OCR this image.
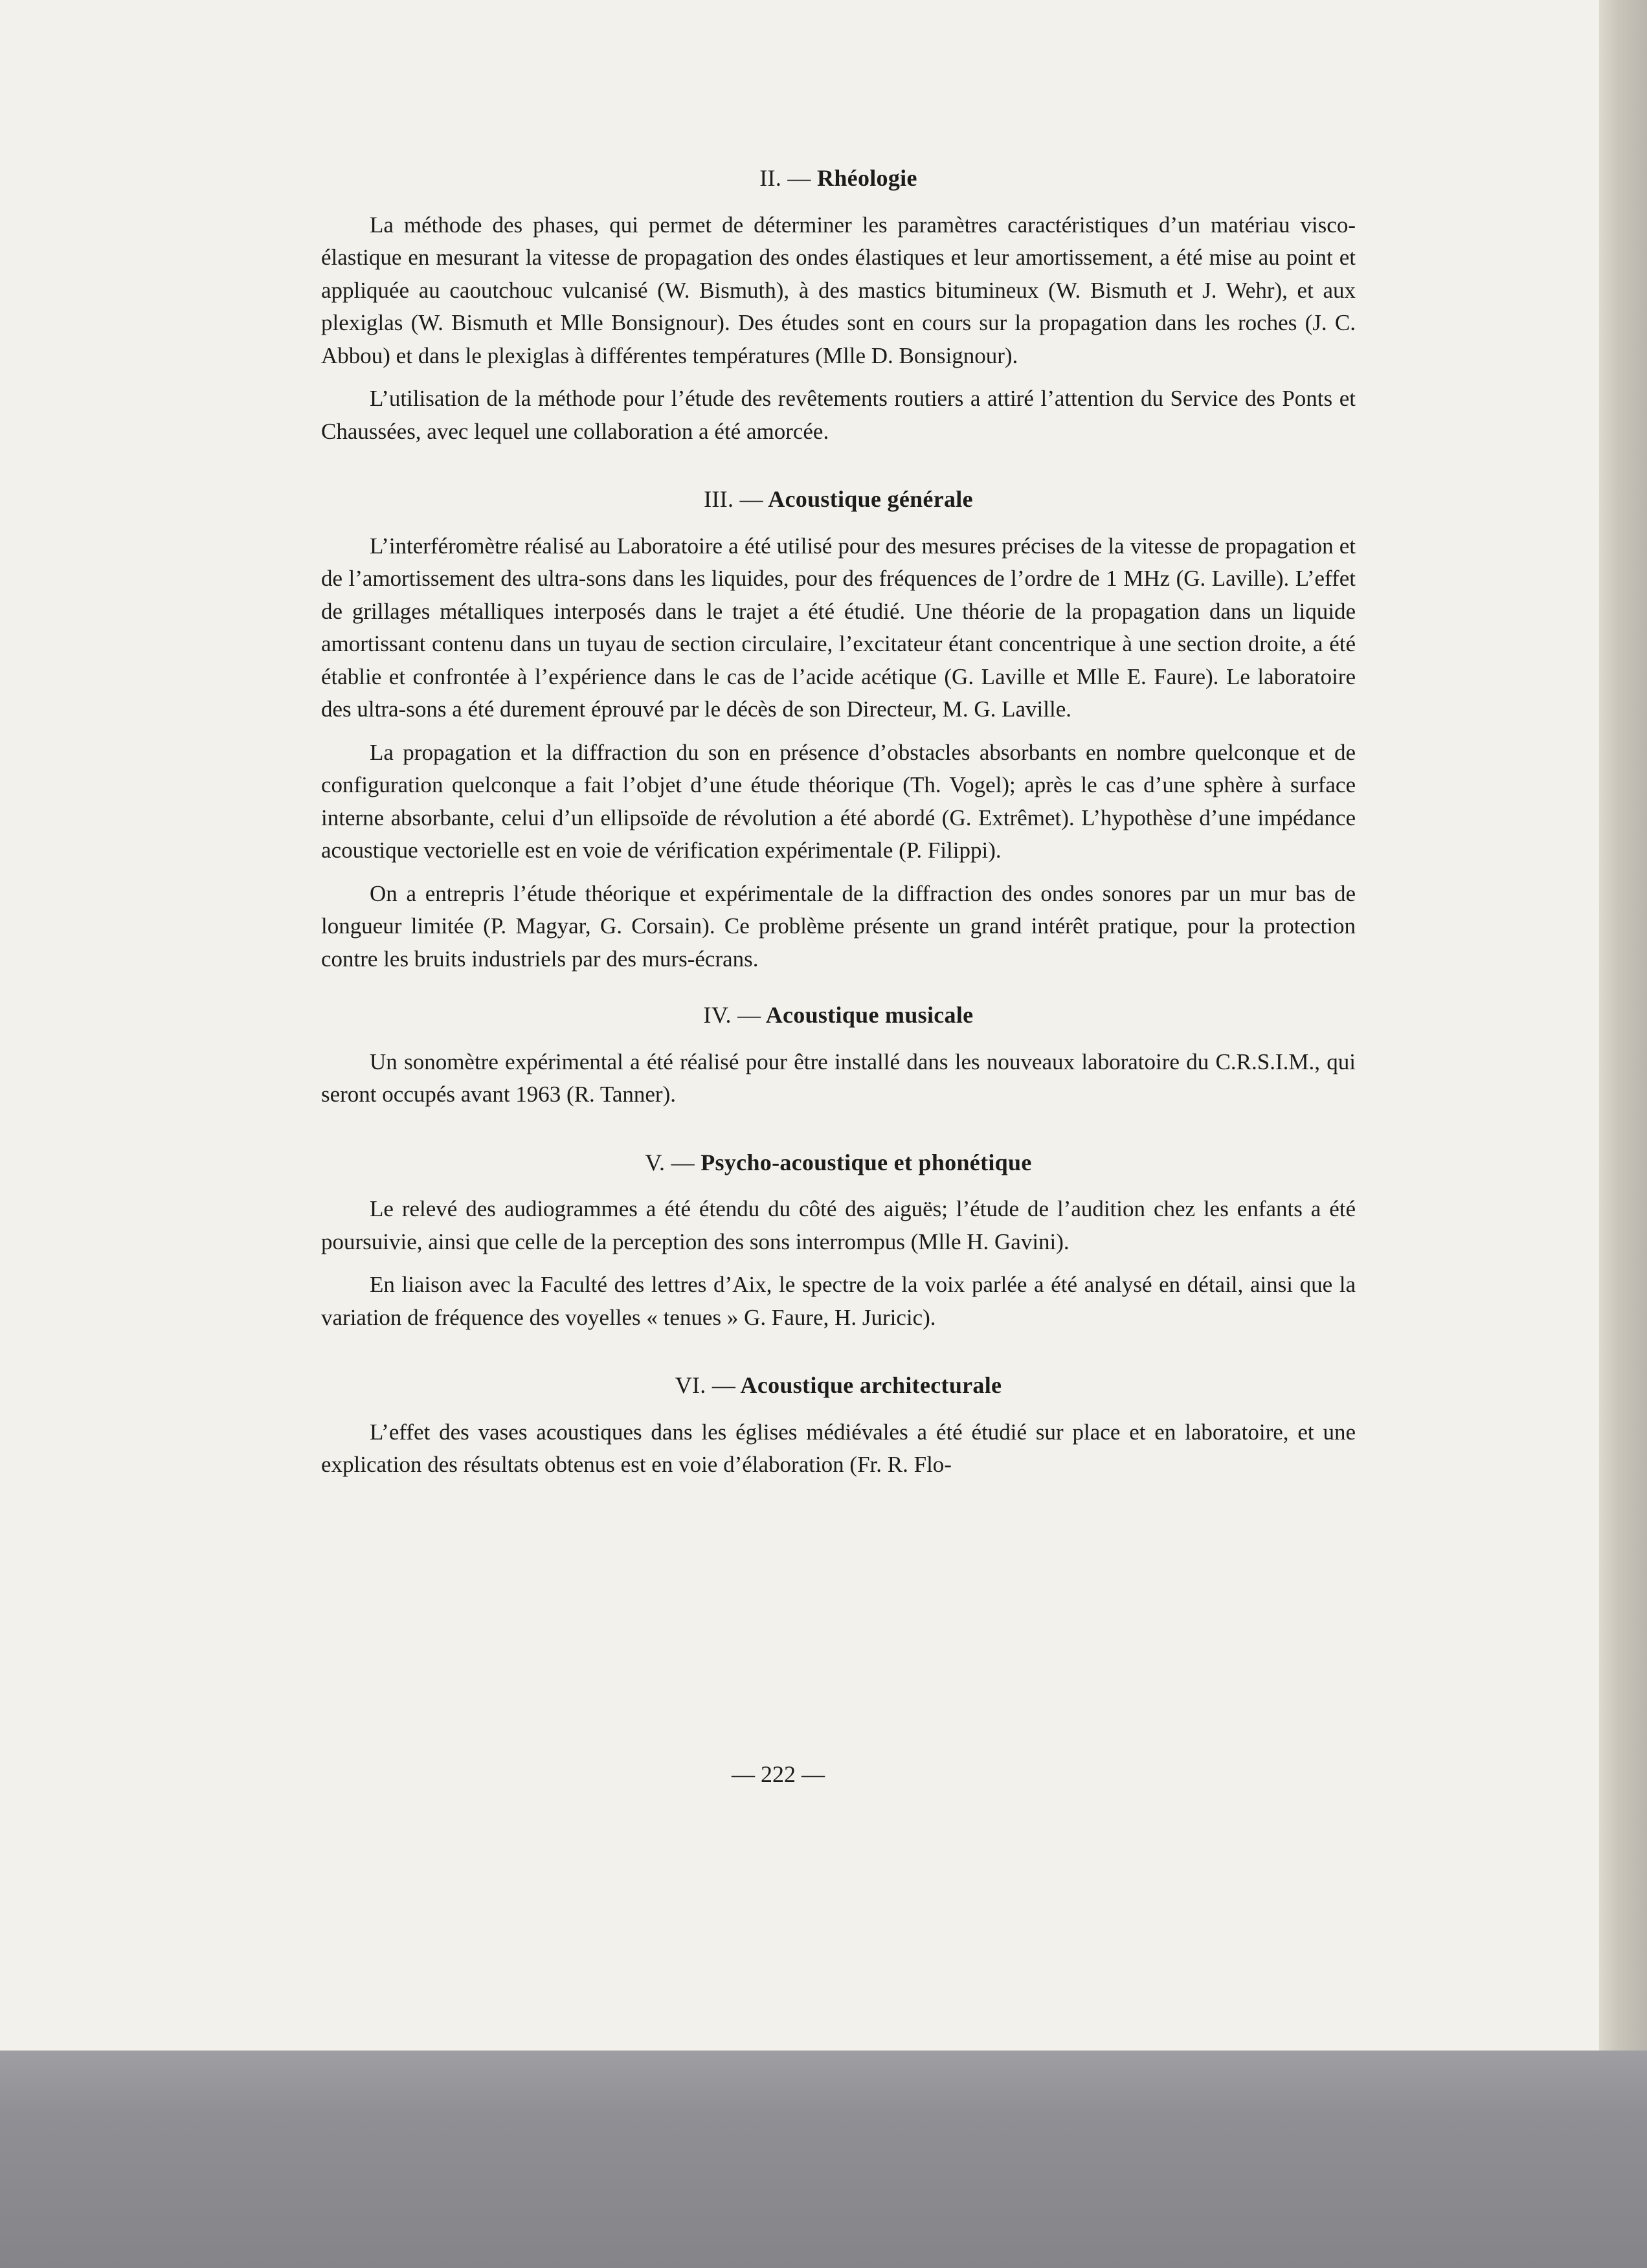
II. — Rhéologie

La méthode des phases, qui permet de déterminer les paramètres caractéristiques d’un matériau visco-élastique en mesurant la vitesse de propagation des ondes élastiques et leur amortissement, a été mise au point et appliquée au caoutchouc vulcanisé (W. Bismuth), à des mastics bitumineux (W. Bismuth et J. Wehr), et aux plexiglas (W. Bismuth et Mlle Bonsignour). Des études sont en cours sur la propagation dans les roches (J. C. Abbou) et dans le plexiglas à différentes températures (Mlle D. Bonsignour).

L’utilisation de la méthode pour l’étude des revêtements routiers a attiré l’attention du Service des Ponts et Chaussées, avec lequel une collaboration a été amorcée.

III. — Acoustique générale

L’interféromètre réalisé au Laboratoire a été utilisé pour des mesures précises de la vitesse de propagation et de l’amortissement des ultra-sons dans les liquides, pour des fréquences de l’ordre de 1 MHz (G. Laville). L’effet de grillages métalliques interposés dans le trajet a été étudié. Une théorie de la propagation dans un liquide amortissant contenu dans un tuyau de section circulaire, l’excitateur étant concentrique à une section droite, a été établie et confrontée à l’expérience dans le cas de l’acide acétique (G. Laville et Mlle E. Faure). Le laboratoire des ultra-sons a été durement éprouvé par le décès de son Directeur, M. G. Laville.

La propagation et la diffraction du son en présence d’obstacles absorbants en nombre quelconque et de configuration quelconque a fait l’objet d’une étude théorique (Th. Vogel); après le cas d’une sphère à surface interne absorbante, celui d’un ellipsoïde de révolution a été abordé (G. Extrêmet). L’hypothèse d’une impédance acoustique vectorielle est en voie de vérification expérimentale (P. Filippi).

On a entrepris l’étude théorique et expérimentale de la diffraction des ondes sonores par un mur bas de longueur limitée (P. Magyar, G. Corsain). Ce problème présente un grand intérêt pratique, pour la protection contre les bruits industriels par des murs-écrans.

IV. — Acoustique musicale

Un sonomètre expérimental a été réalisé pour être installé dans les nouveaux laboratoire du C.R.S.I.M., qui seront occupés avant 1963 (R. Tanner).

V. — Psycho-acoustique et phonétique

Le relevé des audiogrammes a été étendu du côté des aiguës; l’étude de l’audition chez les enfants a été poursuivie, ainsi que celle de la perception des sons interrompus (Mlle H. Gavini).

En liaison avec la Faculté des lettres d’Aix, le spectre de la voix parlée a été analysé en détail, ainsi que la variation de fréquence des voyelles « tenues » G. Faure, H. Juricic).

VI. — Acoustique architecturale

L’effet des vases acoustiques dans les églises médiévales a été étudié sur place et en laboratoire, et une explication des résultats obtenus est en voie d’élaboration (Fr. R. Flo-

— 222 —
